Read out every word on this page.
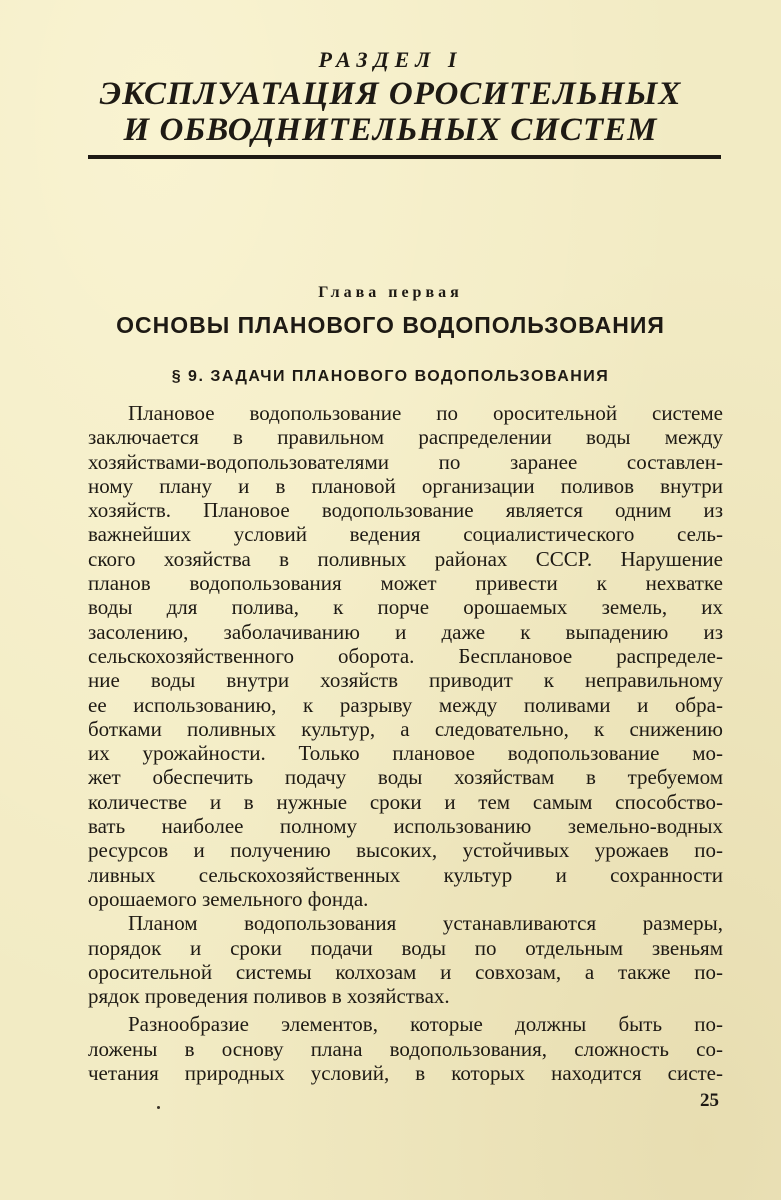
РАЗДЕЛ I
ЭКСПЛУАТАЦИЯ ОРОСИТЕЛЬНЫХ
И ОБВОДНИТЕЛЬНЫХ СИСТЕМ
Глава первая
ОСНОВЫ ПЛАНОВОГО ВОДОПОЛЬЗОВАНИЯ
§ 9. ЗАДАЧИ ПЛАНОВОГО ВОДОПОЛЬЗОВАНИЯ
Плановое водопользование по оросительной системе
заключается в правильном распределении воды между
хозяйствами-водопользователями по заранее составлен-
ному плану и в плановой организации поливов внутри
хозяйств. Плановое водопользование является одним из
важнейших условий ведения социалистического сель-
ского хозяйства в поливных районах СССР. Нарушение
планов водопользования может привести к нехватке
воды для полива, к порче орошаемых земель, их
засолению, заболачиванию и даже к выпадению из
сельскохозяйственного оборота. Бесплановое распределе-
ние воды внутри хозяйств приводит к неправильному
ее использованию, к разрыву между поливами и обра-
ботками поливных культур, а следовательно, к снижению
их урожайности. Только плановое водопользование мо-
жет обеспечить подачу воды хозяйствам в требуемом
количестве и в нужные сроки и тем самым способство-
вать наиболее полному использованию земельно-водных
ресурсов и получению высоких, устойчивых урожаев по-
ливных сельскохозяйственных культур и сохранности
орошаемого земельного фонда.
Планом водопользования устанавливаются размеры,
порядок и сроки подачи воды по отдельным звеньям
оросительной системы колхозам и совхозам, а также по-
рядок проведения поливов в хозяйствах.
Разнообразие элементов, которые должны быть по-
ложены в основу плана водопользования, сложность со-
четания природных условий, в которых находится систе-
25
